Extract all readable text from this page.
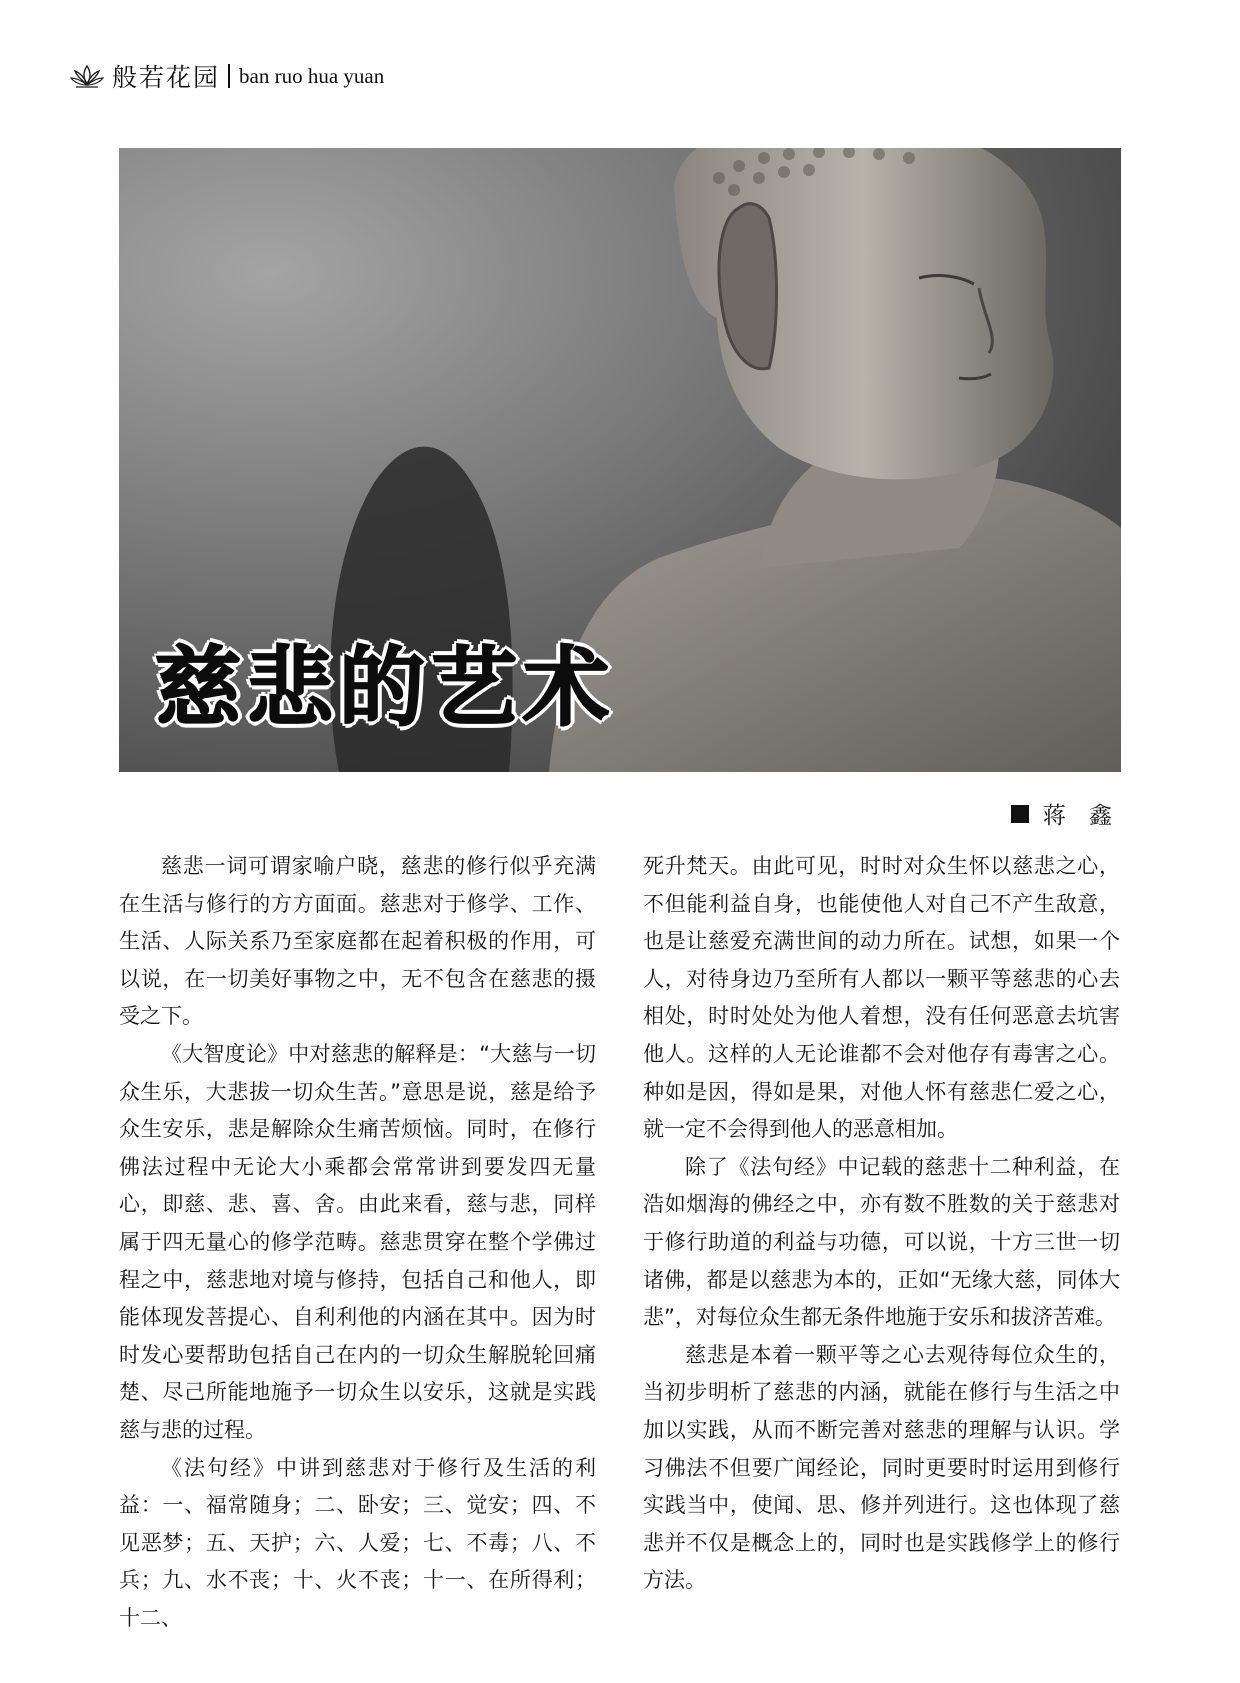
般若花园 ban ruo hua yuan
慈悲的艺术
蒋 鑫

慈悲一词可谓家喻户晓，慈悲的修行似乎充满在生活与修行的方方面面。慈悲对于修学、工作、生活、人际关系乃至家庭都在起着积极的作用，可以说，在一切美好事物之中，无不包含在慈悲的摄受之下。

《大智度论》中对慈悲的解释是：“大慈与一切众生乐，大悲拔一切众生苦。”意思是说，慈是给予众生安乐，悲是解除众生痛苦烦恼。同时，在修行佛法过程中无论大小乘都会常常讲到要发四无量心，即慈、悲、喜、舍。由此来看，慈与悲，同样属于四无量心的修学范畴。慈悲贯穿在整个学佛过程之中，慈悲地对境与修持，包括自己和他人，即能体现发菩提心、自利利他的内涵在其中。因为时时发心要帮助包括自己在内的一切众生解脱轮回痛楚、尽己所能地施予一切众生以安乐，这就是实践慈与悲的过程。

《法句经》中讲到慈悲对于修行及生活的利益：一、福常随身；二、卧安；三、觉安；四、不见恶梦；五、天护；六、人爱；七、不毒；八、不兵；九、水不丧；十、火不丧；十一、在所得利；十二、

死升梵天。由此可见，时时对众生怀以慈悲之心，不但能利益自身，也能使他人对自己不产生敌意，也是让慈爱充满世间的动力所在。试想，如果一个人，对待身边乃至所有人都以一颗平等慈悲的心去相处，时时处处为他人着想，没有任何恶意去坑害他人。这样的人无论谁都不会对他存有毒害之心。种如是因，得如是果，对他人怀有慈悲仁爱之心，就一定不会得到他人的恶意相加。

除了《法句经》中记载的慈悲十二种利益，在浩如烟海的佛经之中，亦有数不胜数的关于慈悲对于修行助道的利益与功德，可以说，十方三世一切诸佛，都是以慈悲为本的，正如“无缘大慈，同体大悲”，对每位众生都无条件地施于安乐和拔济苦难。

慈悲是本着一颗平等之心去观待每位众生的，当初步明析了慈悲的内涵，就能在修行与生活之中加以实践，从而不断完善对慈悲的理解与认识。学习佛法不但要广闻经论，同时更要时时运用到修行实践当中，使闻、思、修并列进行。这也体现了慈悲并不仅是概念上的，同时也是实践修学上的修行方法。
